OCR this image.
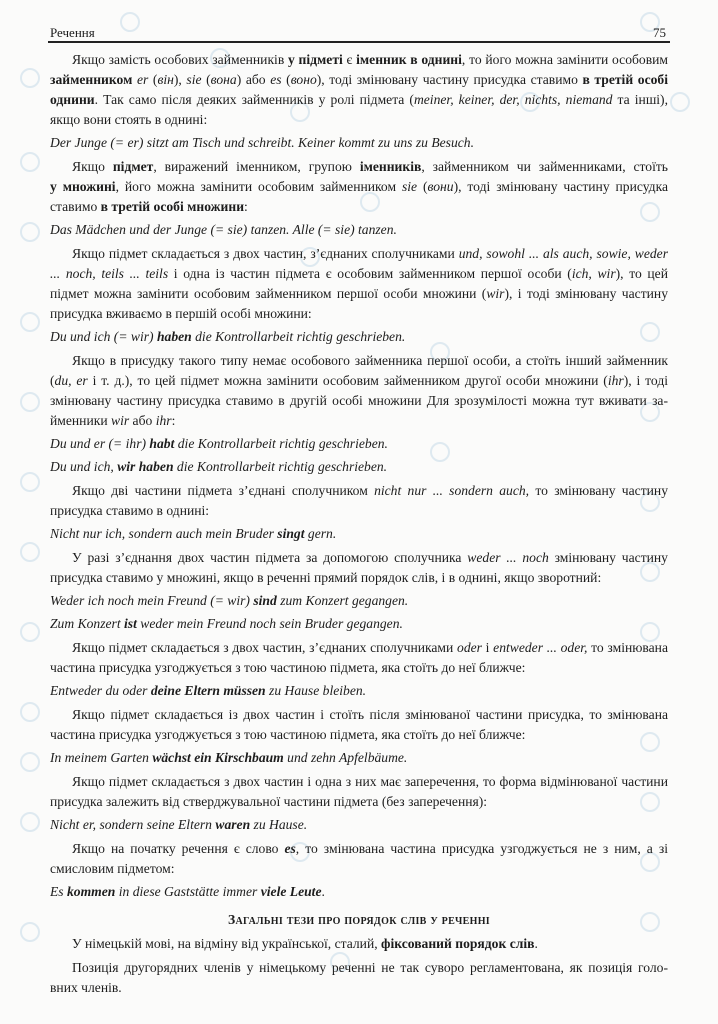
Речення	75
Якщо замість особових займенників у підметі є іменник в однині, то його можна замінити особовим
займенником er (він), sie (вона) або es (воно), тоді змінювану частину присудка ставимо в третій особі
однини. Так само після деяких займенників у ролі підмета (meiner, keiner, der, nichts, niemand та інші),
якщо вони стоять в однині:
Der Junge (= er) sitzt am Tisch und schreibt. Keiner kommt zu uns zu Besuch.
Якщо підмет, виражений іменником, групою іменників, займенником чи займенниками, стоїть
у множині, його можна замінити особовим займенником sie (вони), тоді змінювану частину присудка
ставимо в третій особі множини:
Das Mädchen und der Junge (= sie) tanzen. Alle (= sie) tanzen.
Якщо підмет складається з двох частин, з’єднаних сполучниками und, sowohl ... als auch, sowie, weder
... noch, teils ... teils і одна із частин підмета є особовим займенником першої особи (ich, wir), то цей
підмет можна замінити особовим займенником першої особи множини (wir), і тоді змінювану частину
присудка вживаємо в першій особі множини:
Du und ich (= wir) haben die Kontrollarbeit richtig geschrieben.
Якщо в присудку такого типу немає особового займенника першої особи, а стоїть інший займенник
(du, er і т. д.), то цей підмет можна замінити особовим займенником другої особи множини (ihr), і тоді
змінювану частину присудка ставимо в другій особі множини Для зрозумілості можна тут вживати за-
йменники wir або ihr:
Du und er (= ihr) habt die Kontrollarbeit richtig geschrieben.
Du und ich, wir haben die Kontrollarbeit richtig geschrieben.
Якщо дві частини підмета з’єднані сполучником nicht nur ... sondern auch, то змінювану частину
присудка ставимо в однині:
Nicht nur ich, sondern auch mein Bruder singt gern.
У разі з’єднання двох частин підмета за допомогою сполучника weder ... noch змінювану частину
присудка ставимо у множині, якщо в реченні прямий порядок слів, і в однині, якщо зворотний:
Weder ich noch mein Freund (= wir) sind zum Konzert gegangen.
Zum Konzert ist weder mein Freund noch sein Bruder gegangen.
Якщо підмет складається з двох частин, з’єднаних сполучниками oder і entweder ... oder, то змінювана
частина присудка узгоджується з тою частиною підмета, яка стоїть до неї ближче:
Entweder du oder deine Eltern müssen zu Hause bleiben.
Якщо підмет складається із двох частин і стоїть після змінюваної частини присудка, то змінювана
частина присудка узгоджується з тою частиною підмета, яка стоїть до неї ближче:
In meinem Garten wächst ein Kirschbaum und zehn Apfelbäume.
Якщо підмет складається з двох частин і одна з них має заперечення, то форма відмінюваної частини
присудка залежить від стверджувальної частини підмета (без заперечення):
Nicht er, sondern seine Eltern waren zu Hause.
Якщо на початку речення є слово es, то змінювана частина присудка узгоджується не з ним, а зі
смисловим підметом:
Es kommen in diese Gaststätte immer viele Leute.
Загальні тези про порядок слів у реченні
У німецькій мові, на відміну від української, сталий, фіксований порядок слів.
Позиція другорядних членів у німецькому реченні не так суворо регламентована, як позиція голо-
вних членів.
